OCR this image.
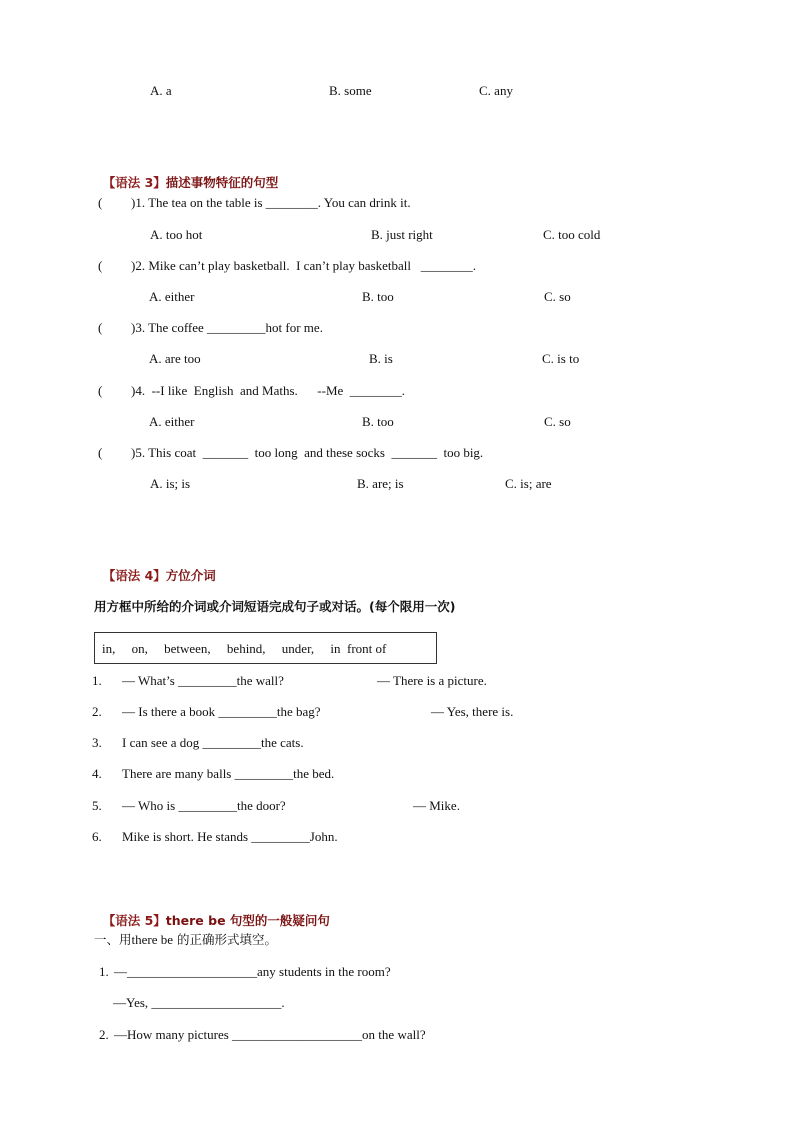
A. a	B. some	C. any

【语法 3】描述事物特征的句型

( )1. The tea on the table is ________. You can drink it.
A. too hot	B. just right	C. too cold
( )2. Mike can’t play basketball.  I can’t play basketball   ________.
A. either	B. too	C. so
( )3. The coffee _________hot for me.
A. are too	B. is	C. is to
( )4.  --I like  English  and Maths.      --Me  ________.
A. either	B. too	C. so
( )5. This coat  _______  too long  and these socks  _______  too big.
A. is; is	B. are; is	C. is; are

【语法 4】方位介词

用方框中所给的介词或介词短语完成句子或对话。(每个限用一次)
in,     on,     between,     behind,     under,     in  front of
1. — What’s _________the wall?	— There is a picture.
2. — Is there a book _________the bag?	— Yes, there is.
3. I can see a dog _________the cats.
4. There are many balls _________the bed.
5. — Who is _________the door?	— Mike.
6. Mike is short. He stands _________John.

【语法 5】there be 句型的一般疑问句

一、用there be 的正确形式填空。
1. —____________________any students in the room?
—Yes, ____________________.
2. —How many pictures ____________________on the wall?
